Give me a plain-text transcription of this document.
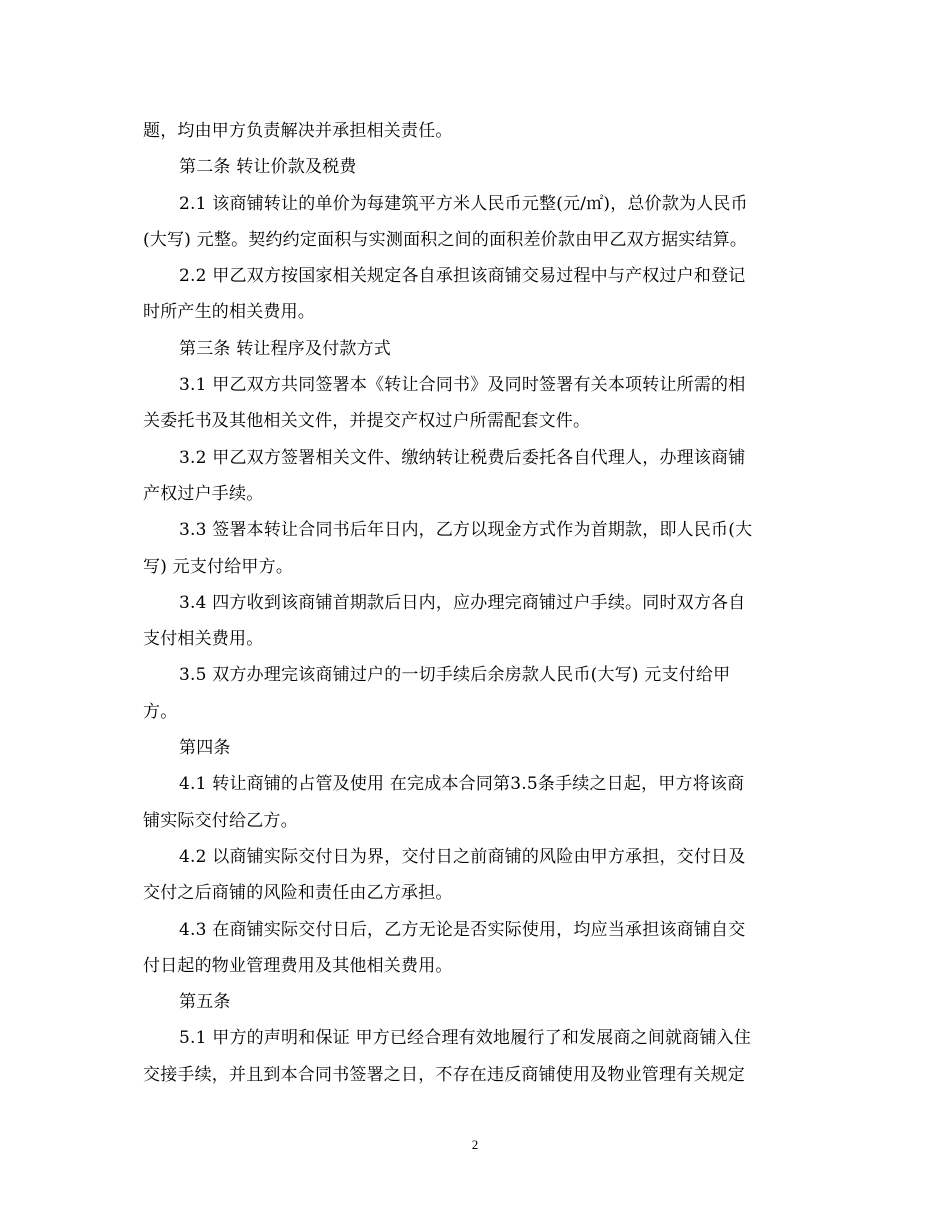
题，均由甲方负责解决并承担相关责任。
第二条 转让价款及税费
2.1 该商铺转让的单价为每建筑平方米人民币元整(元/㎡)，总价款为人民币
(大写) 元整。契约约定面积与实测面积之间的面积差价款由甲乙双方据实结算。
2.2 甲乙双方按国家相关规定各自承担该商铺交易过程中与产权过户和登记
时所产生的相关费用。
第三条 转让程序及付款方式
3.1 甲乙双方共同签署本《转让合同书》及同时签署有关本项转让所需的相
关委托书及其他相关文件，并提交产权过户所需配套文件。
3.2 甲乙双方签署相关文件、缴纳转让税费后委托各自代理人，办理该商铺
产权过户手续。
3.3 签署本转让合同书后年日内，乙方以现金方式作为首期款，即人民币(大
写) 元支付给甲方。
3.4 四方收到该商铺首期款后日内，应办理完商铺过户手续。同时双方各自
支付相关费用。
3.5 双方办理完该商铺过户的一切手续后余房款人民币(大写) 元支付给甲
方。
第四条
4.1 转让商铺的占管及使用 在完成本合同第3.5条手续之日起，甲方将该商
铺实际交付给乙方。
4.2 以商铺实际交付日为界，交付日之前商铺的风险由甲方承担，交付日及
交付之后商铺的风险和责任由乙方承担。
4.3 在商铺实际交付日后，乙方无论是否实际使用，均应当承担该商铺自交
付日起的物业管理费用及其他相关费用。
第五条
5.1 甲方的声明和保证 甲方已经合理有效地履行了和发展商之间就商铺入住
交接手续，并且到本合同书签署之日，不存在违反商铺使用及物业管理有关规定
2
